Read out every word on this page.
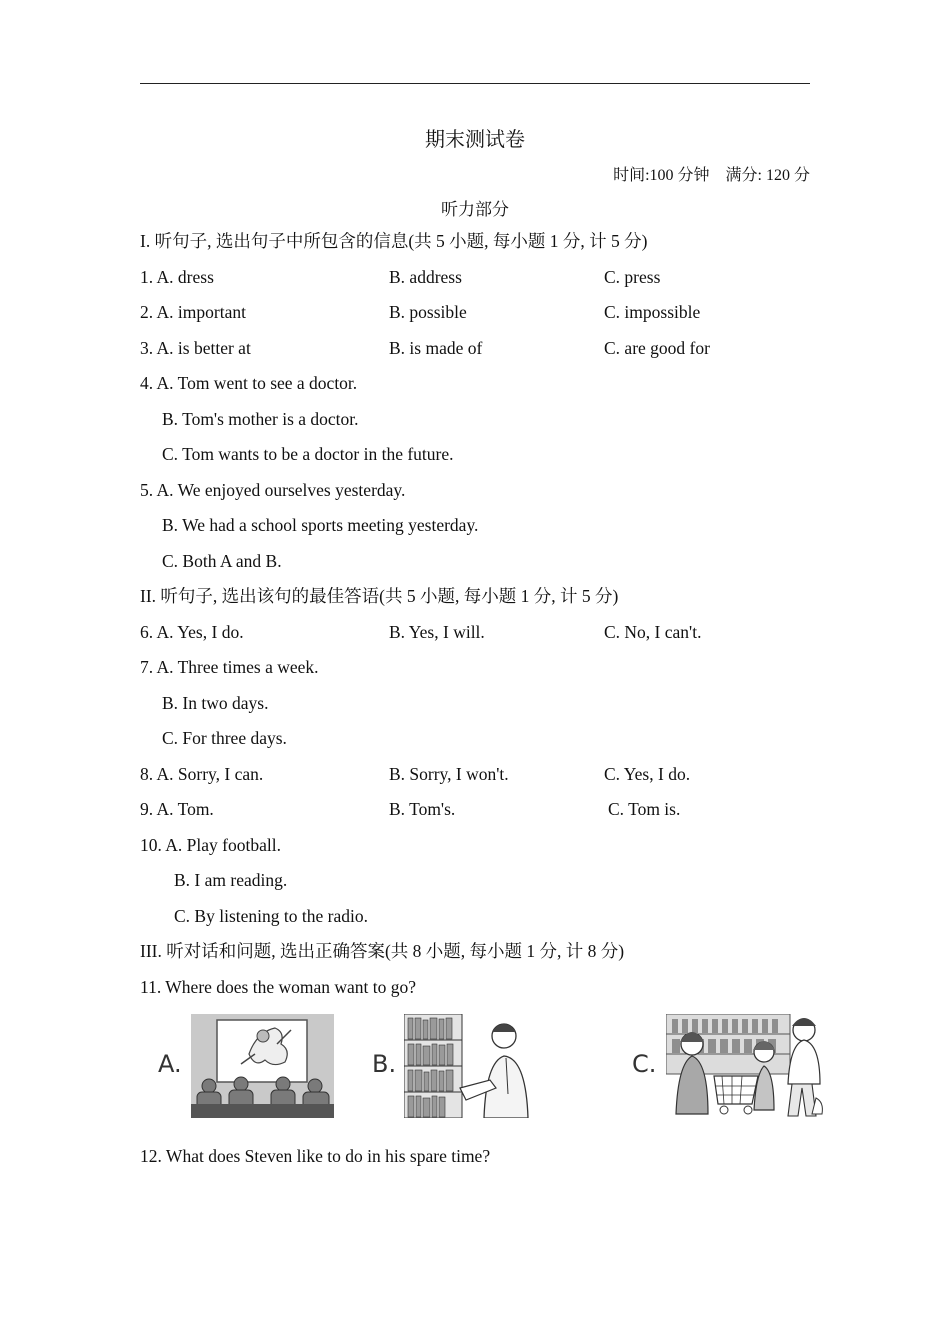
期末测试卷
时间:100 分钟    满分: 120 分
听力部分
I. 听句子, 选出句子中所包含的信息(共 5 小题, 每小题 1 分, 计 5 分)
1. A. dress	B. address	C. press
2. A. important	B. possible	C. impossible
3. A. is better at	B. is made of	C. are good for
4. A. Tom went to see a doctor.
B. Tom's mother is a doctor.
C. Tom wants to be a doctor in the future.
5. A. We enjoyed ourselves yesterday.
B. We had a school sports meeting yesterday.
C. Both A and B.
II. 听句子, 选出该句的最佳答语(共 5 小题, 每小题 1 分, 计 5 分)
6. A. Yes, I do.	B. Yes, I will.	C. No, I can't.
7. A. Three times a week.
B. In two days.
C. For three days.
8. A. Sorry, I can.	B. Sorry, I won't.	C. Yes, I do.
9. A. Tom.	B. Tom's.	C. Tom is.
10. A. Play football.
B. I am reading.
C. By listening to the radio.
III. 听对话和问题, 选出正确答案(共 8 小题, 每小题 1 分, 计 8 分)
11. Where does the woman want to go?
A.	B.	C.
12. What does Steven like to do in his spare time?
